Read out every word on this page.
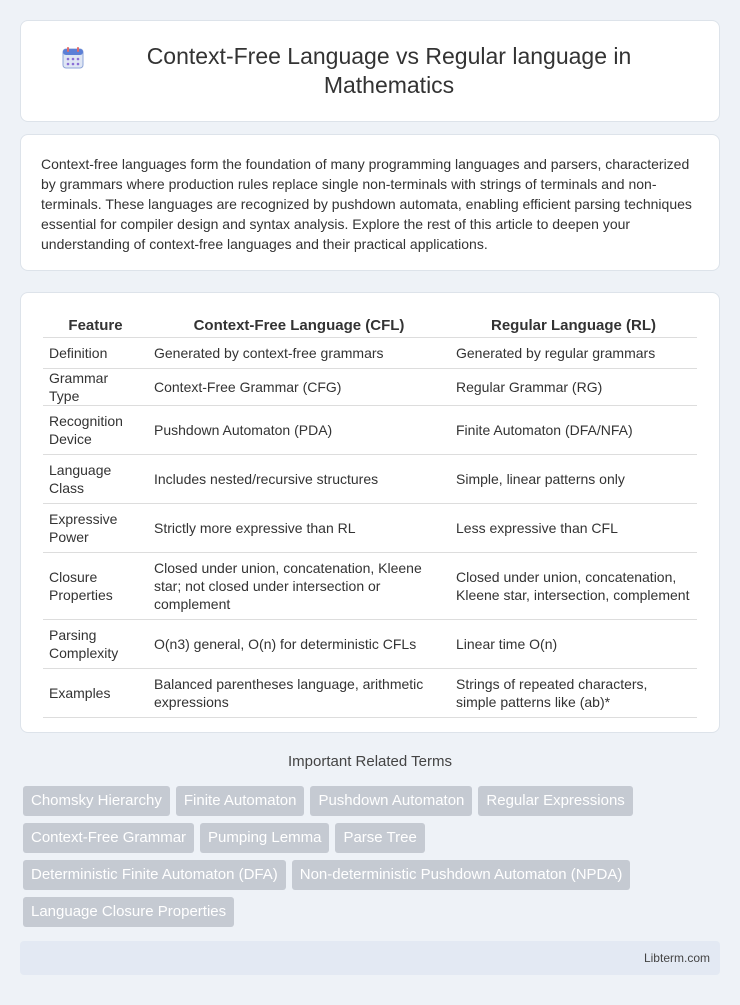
Context-Free Language vs Regular language in Mathematics

Context-free languages form the foundation of many programming languages and parsers, characterized by grammars where production rules replace single non-terminals with strings of terminals and non-terminals. These languages are recognized by pushdown automata, enabling efficient parsing techniques essential for compiler design and syntax analysis. Explore the rest of this article to deepen your understanding of context-free languages and their practical applications.

Feature	Context-Free Language (CFL)	Regular Language (RL)
Definition	Generated by context-free grammars	Generated by regular grammars
Grammar Type	Context-Free Grammar (CFG)	Regular Grammar (RG)
Recognition Device	Pushdown Automaton (PDA)	Finite Automaton (DFA/NFA)
Language Class	Includes nested/recursive structures	Simple, linear patterns only
Expressive Power	Strictly more expressive than RL	Less expressive than CFL
Closure Properties	Closed under union, concatenation, Kleene star; not closed under intersection or complement	Closed under union, concatenation, Kleene star, intersection, complement
Parsing Complexity	O(n3) general, O(n) for deterministic CFLs	Linear time O(n)
Examples	Balanced parentheses language, arithmetic expressions	Strings of repeated characters, simple patterns like (ab)*
Important Related Terms
Chomsky Hierarchy	Finite Automaton	Pushdown Automaton	Regular Expressions
Context-Free Grammar	Pumping Lemma	Parse Tree
Deterministic Finite Automaton (DFA)	Non-deterministic Pushdown Automaton (NPDA)
Language Closure Properties
Libterm.com
